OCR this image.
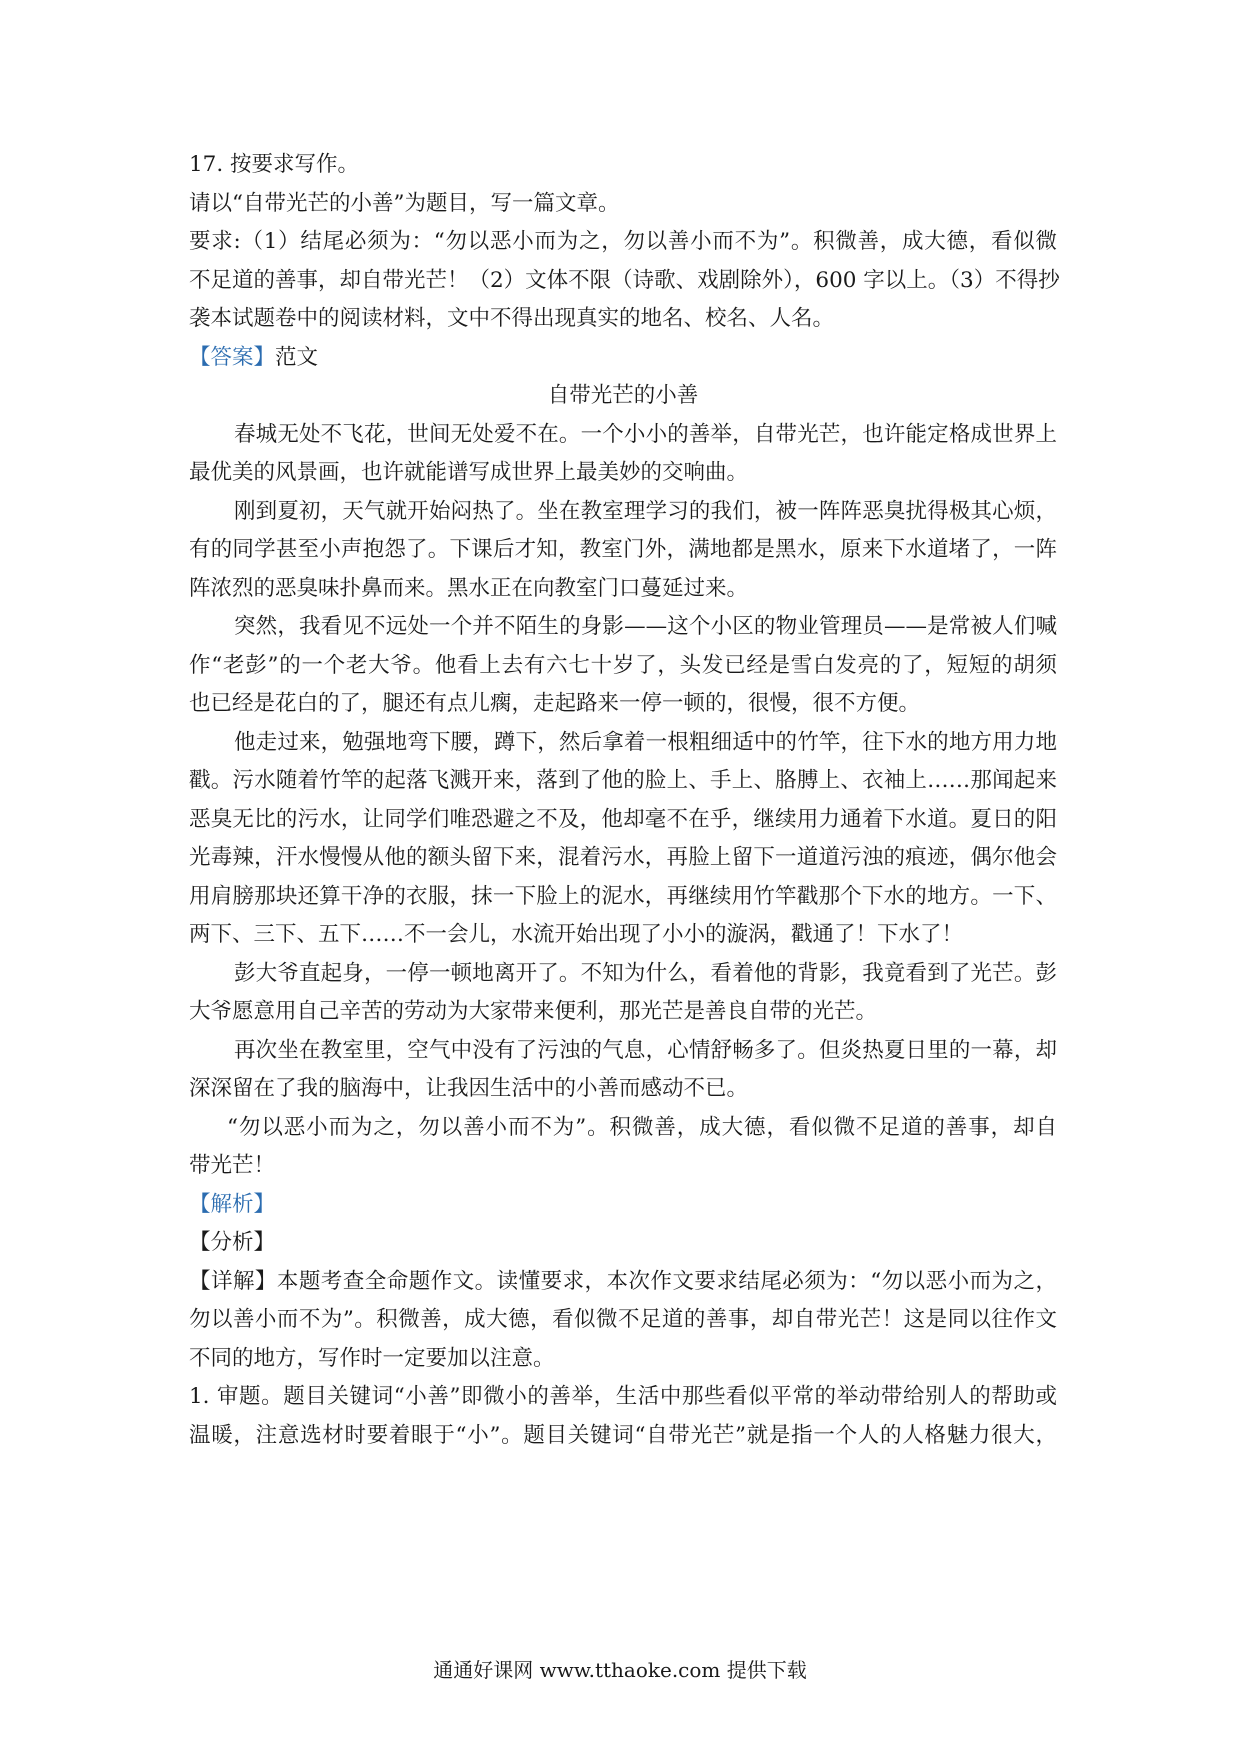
17. 按要求写作。

请以“自带光芒的小善”为题目，写一篇文章。

要求:（1）结尾必须为：“勿以恶小而为之，勿以善小而不为”。积微善，成大德，看似微

不足道的善事，却自带光芒！（2）文体不限（诗歌、戏剧除外），600 字以上。（3）不得抄

袭本试题卷中的阅读材料，文中不得出现真实的地名、校名、人名。

【答案】范文

自带光芒的小善

春城无处不飞花，世间无处爱不在。一个小小的善举，自带光芒，也许能定格成世界上

最优美的风景画，也许就能谱写成世界上最美妙的交响曲。

刚到夏初，天气就开始闷热了。坐在教室理学习的我们，被一阵阵恶臭扰得极其心烦，

有的同学甚至小声抱怨了。下课后才知，教室门外，满地都是黑水，原来下水道堵了，一阵

阵浓烈的恶臭味扑鼻而来。黑水正在向教室门口蔓延过来。

突然，我看见不远处一个并不陌生的身影——这个小区的物业管理员——是常被人们喊

作“老彭”的一个老大爷。他看上去有六七十岁了，头发已经是雪白发亮的了，短短的胡须

也已经是花白的了，腿还有点儿瘸，走起路来一停一顿的，很慢，很不方便。

他走过来，勉强地弯下腰，蹲下，然后拿着一根粗细适中的竹竿，往下水的地方用力地

戳。污水随着竹竿的起落飞溅开来，落到了他的脸上、手上、胳膊上、衣袖上……那闻起来

恶臭无比的污水，让同学们唯恐避之不及，他却毫不在乎，继续用力通着下水道。夏日的阳

光毒辣，汗水慢慢从他的额头留下来，混着污水，再脸上留下一道道污浊的痕迹，偶尔他会

用肩膀那块还算干净的衣服，抹一下脸上的泥水，再继续用竹竿戳那个下水的地方。一下、

两下、三下、五下……不一会儿，水流开始出现了小小的漩涡，戳通了！下水了！

彭大爷直起身，一停一顿地离开了。不知为什么，看着他的背影，我竟看到了光芒。彭

大爷愿意用自己辛苦的劳动为大家带来便利，那光芒是善良自带的光芒。

再次坐在教室里，空气中没有了污浊的气息，心情舒畅多了。但炎热夏日里的一幕，却

深深留在了我的脑海中，让我因生活中的小善而感动不已。

“勿以恶小而为之，勿以善小而不为”。积微善，成大德，看似微不足道的善事，却自

带光芒！

【解析】

【分析】

【详解】本题考查全命题作文。读懂要求，本次作文要求结尾必须为：“勿以恶小而为之，

勿以善小而不为”。积微善，成大德，看似微不足道的善事，却自带光芒！这是同以往作文

不同的地方，写作时一定要加以注意。

1. 审题。题目关键词“小善”即微小的善举，生活中那些看似平常的举动带给别人的帮助或

温暖，注意选材时要着眼于“小”。题目关键词“自带光芒”就是指一个人的人格魅力很大，

通通好课网 www.tthaoke.com 提供下载
